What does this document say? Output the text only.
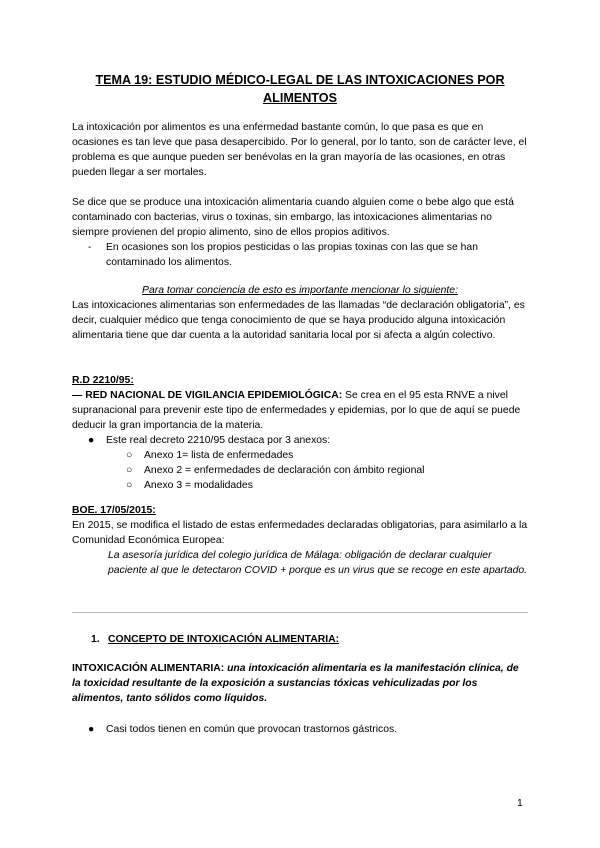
TEMA 19: ESTUDIO MÉDICO-LEGAL DE LAS INTOXICACIONES POR
ALIMENTOS
La intoxicación por alimentos es una enfermedad bastante común, lo que pasa es que en ocasiones es tan leve que pasa desapercibido. Por lo general, por lo tanto, son de carácter leve, el problema es que aunque pueden ser benévolas en la gran mayoría de las ocasiones, en otras pueden llegar a ser mortales.
Se dice que se produce una intoxicación alimentaria cuando alguien come o bebe algo que está contaminado con bacterias, virus o toxinas, sin embargo, las intoxicaciones alimentarias no siempre provienen del propio alimento, sino de ellos propios aditivos.
- En ocasiones son los propios pesticidas o las propias toxinas con las que se han contaminado los alimentos.
Para tomar conciencia de esto es importante mencionar lo siguiente:
Las intoxicaciones alimentarias son enfermedades de las llamadas “de declaración obligatoria”, es decir, cualquier médico que tenga conocimiento de que se haya producido alguna intoxicación alimentaria tiene que dar cuenta a la autoridad sanitaria local por si afecta a algún colectivo.
R.D 2210/95:
— RED NACIONAL DE VIGILANCIA EPIDEMIOLÓGICA: Se crea en el 95 esta RNVE a nivel supranacional para prevenir este tipo de enfermedades y epidemias, por lo que de aquí se puede deducir la gran importancia de la materia.
● Este real decreto 2210/95 destaca por 3 anexos:
○ Anexo 1= lista de enfermedades
○ Anexo 2 = enfermedades de declaración con ámbito regional
○ Anexo 3 = modalidades
BOE. 17/05/2015:
En 2015, se modifica el listado de estas enfermedades declaradas obligatorias, para asimilarlo a la Comunidad Económica Europea:
La asesoría jurídica del colegio jurídica de Málaga: obligación de declarar cualquier paciente al que le detectaron COVID + porque es un virus que se recoge en este apartado.
1. CONCEPTO DE INTOXICACIÓN ALIMENTARIA:
INTOXICACIÓN ALIMENTARIA: una intoxicación alimentaria es la manifestación clínica, de la toxicidad resultante de la exposición a sustancias tóxicas vehiculizadas por los alimentos, tanto sólidos como líquidos.
● Casi todos tienen en común que provocan trastornos gástricos.
1
